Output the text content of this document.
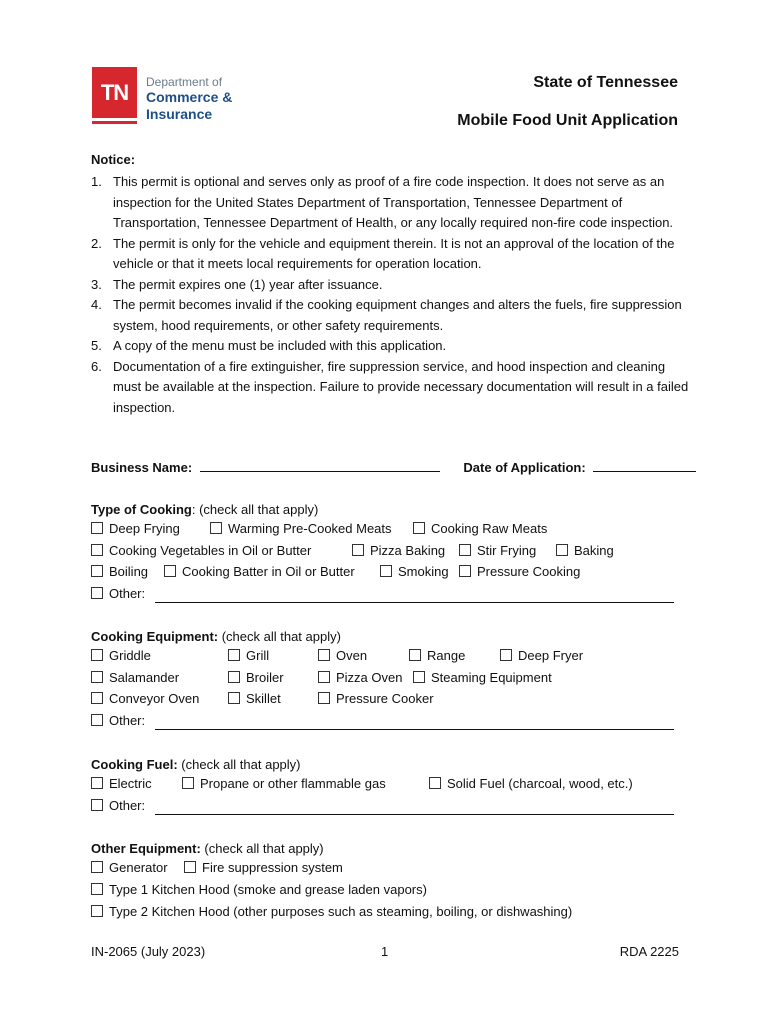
TN	Department of
Commerce &
Insurance
State of Tennessee
Mobile Food Unit Application
Notice:
1. This permit is optional and serves only as proof of a fire code inspection. It does not serve as an inspection for the United States Department of Transportation, Tennessee Department of Transportation, Tennessee Department of Health, or any locally required non-fire code inspection.
2. The permit is only for the vehicle and equipment therein. It is not an approval of the location of the vehicle or that it meets local requirements for operation location.
3. The permit expires one (1) year after issuance.
4. The permit becomes invalid if the cooking equipment changes and alters the fuels, fire suppression system, hood requirements, or other safety requirements.
5. A copy of the menu must be included with this application.
6. Documentation of a fire extinguisher, fire suppression service, and hood inspection and cleaning must be available at the inspection. Failure to provide necessary documentation will result in a failed inspection.
Business Name:	Date of Application:
Type of Cooking: (check all that apply)
Deep Frying	Warming Pre-Cooked Meats	Cooking Raw Meats
Cooking Vegetables in Oil or Butter	Pizza Baking	Stir Frying	Baking
Boiling	Cooking Batter in Oil or Butter	Smoking	Pressure Cooking
Other:
Cooking Equipment: (check all that apply)
Griddle	Grill	Oven	Range	Deep Fryer
Salamander	Broiler	Pizza Oven	Steaming Equipment
Conveyor Oven	Skillet	Pressure Cooker
Other:
Cooking Fuel: (check all that apply)
Electric	Propane or other flammable gas	Solid Fuel (charcoal, wood, etc.)
Other:
Other Equipment: (check all that apply)
Generator	Fire suppression system
Type 1 Kitchen Hood (smoke and grease laden vapors)
Type 2 Kitchen Hood (other purposes such as steaming, boiling, or dishwashing)
IN-2065 (July 2023)	1	RDA 2225
